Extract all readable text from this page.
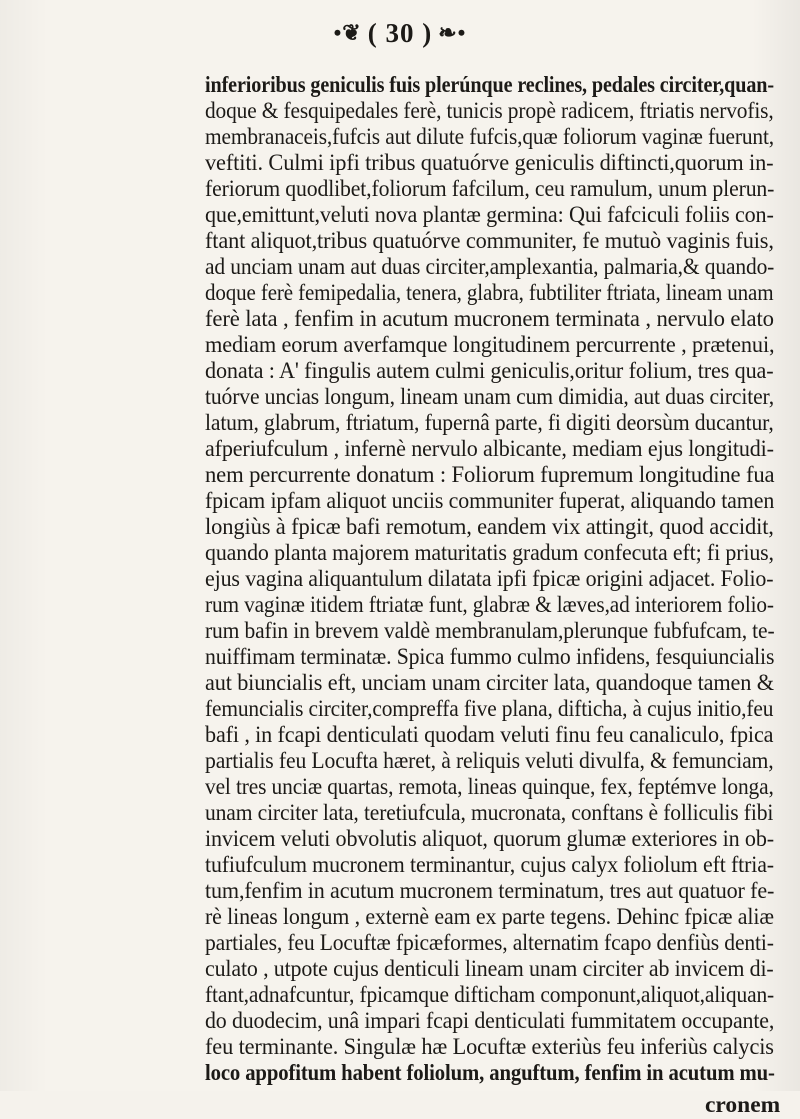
•❦ ( 30 ) ❧•
inferioribus geniculis fuis plerúnque reclines, pedales circiter,quan-
doque & fesquipedales ferè, tunicis propè radicem, ftriatis nervofis,
membranaceis,fufcis aut dilute fufcis,quæ foliorum vaginæ fuerunt,
veftiti. Culmi ipfi tribus quatuórve geniculis diftincti,quorum in-
feriorum quodlibet,foliorum fafcilum, ceu ramulum, unum plerun-
que,emittunt,veluti nova plantæ germina: Qui fafciculi foliis con-
ftant aliquot,tribus quatuórve communiter, fe mutuò vaginis fuis,
ad unciam unam aut duas circiter,amplexantia, palmaria,& quando-
doque ferè femipedalia, tenera, glabra, fubtiliter ftriata, lineam unam
ferè lata , fenfim in acutum mucronem terminata , nervulo elato
mediam eorum averfamque longitudinem percurrente , prætenui,
donata : A' fingulis autem culmi geniculis,oritur folium, tres qua-
tuórve uncias longum, lineam unam cum dimidia, aut duas circiter,
latum, glabrum, ftriatum, fupernâ parte, fi digiti deorsùm ducantur,
afperiufculum , infernè nervulo albicante, mediam ejus longitudi-
nem percurrente donatum : Foliorum fupremum longitudine fua
fpicam ipfam aliquot unciis communiter fuperat, aliquando tamen
longiùs à fpicæ bafi remotum, eandem vix attingit, quod accidit,
quando planta majorem maturitatis gradum confecuta eft; fi prius,
ejus vagina aliquantulum dilatata ipfi fpicæ origini adjacet. Folio-
rum vaginæ itidem ftriatæ funt, glabræ & læves,ad interiorem folio-
rum bafin in brevem valdè membranulam,plerunque fubfufcam, te-
nuiffimam terminatæ. Spica fummo culmo infidens, fesquiuncialis
aut biuncialis eft, unciam unam circiter lata, quandoque tamen &
femuncialis circiter,compreffa five plana, difticha, à cujus initio,feu
bafi , in fcapi denticulati quodam veluti finu feu canaliculo, fpica
partialis feu Locufta hæret, à reliquis veluti divulfa, & femunciam,
vel tres unciæ quartas, remota, lineas quinque, fex, feptémve longa,
unam circiter lata, teretiufcula, mucronata, conftans è folliculis fibi
invicem veluti obvolutis aliquot, quorum glumæ exteriores in ob-
tufiufculum mucronem terminantur, cujus calyx foliolum eft ftria-
tum,fenfim in acutum mucronem terminatum, tres aut quatuor fe-
rè lineas longum , externè eam ex parte tegens. Dehinc fpicæ aliæ
partiales, feu Locuftæ fpicæformes, alternatim fcapo denfiùs denti-
culato , utpote cujus denticuli lineam unam circiter ab invicem di-
ftant,adnafcuntur, fpicamque difticham componunt,aliquot,aliquan-
do duodecim, unâ impari fcapi denticulati fummitatem occupante,
feu terminante. Singulæ hæ Locuftæ exteriùs feu inferiùs calycis
loco appofitum habent foliolum, anguftum, fenfim in acutum mu-
cronem
